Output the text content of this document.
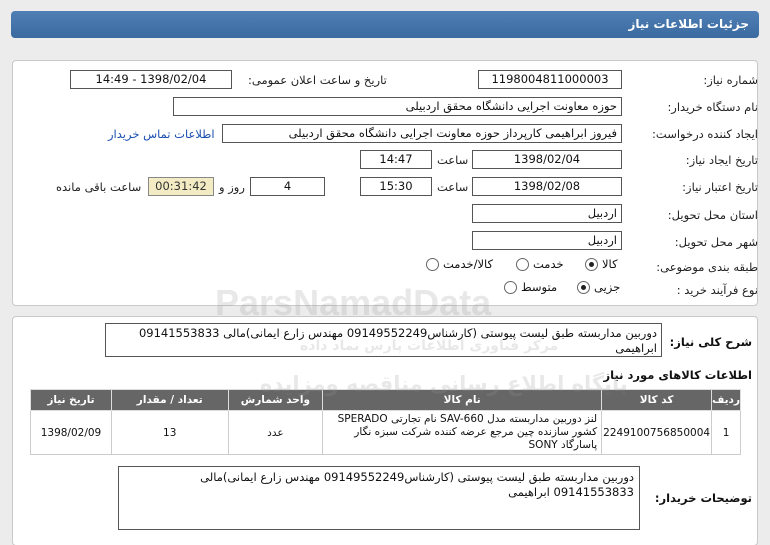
جزئیات اطلاعات نیاز
شماره نیاز:
1198004811000003
تاریخ و ساعت اعلان عمومی:
1398/02/04 - 14:49
نام دستگاه خریدار:
حوزه معاونت اجرایی دانشگاه محقق اردبیلی
ایجاد کننده درخواست:
فیروز ابراهیمی کارپرداز حوزه معاونت اجرایی دانشگاه محقق اردبیلی
اطلاعات تماس خریدار
تاریخ ایجاد نیاز:
1398/02/04
ساعت
14:47
تاریخ اعتبار نیاز:
1398/02/08
ساعت
15:30
4
روز و
00:31:42
ساعت باقی مانده
استان محل تحویل:
اردبیل
شهر محل تحویل:
اردبیل
طبقه بندی موضوعی:
کالا
خدمت
کالا/خدمت
نوع فرآیند خرید :
جزیی
متوسط
شرح کلی نیاز:
دوربین مداربسته طبق لیست پیوستی (کارشناس09149552249 مهندس زارع ایمانی)مالی 09141553833 ابراهیمی
اطلاعات کالاهای مورد نیاز
ردیف	کد کالا	نام کالا	واحد شمارش	تعداد / مقدار	تاریخ نیاز
1	2249100756850004	لنز دوربین مداربسته مدل SAV-660 نام تجارتی SPERADO کشور سازنده چین مرجع عرضه کننده شرکت سبزه نگار پاسارگاد SONY	عدد	13	1398/02/09
توضیحات خریدار:
دوربین مداربسته طبق لیست پیوستی (کارشناس09149552249 مهندس زارع ایمانی)مالی 09141553833 ابراهیمی
ParsNamadData
پایگاه اطلاع رسانی مناقصه ومزایده
مرکز فناوری اطلاعات پارس نماد داده
